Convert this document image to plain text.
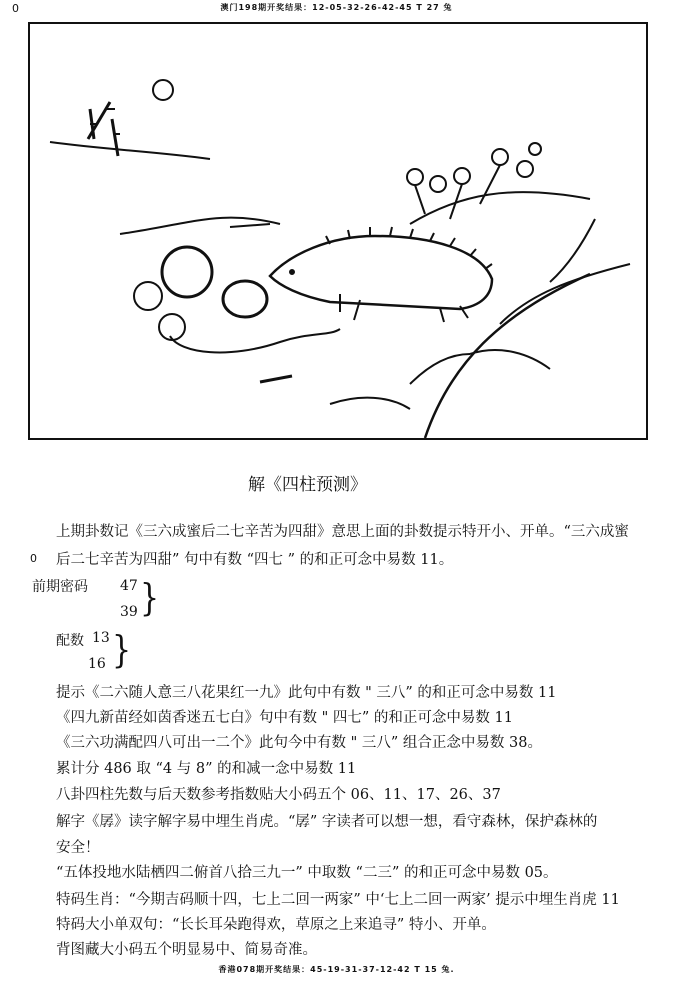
0	澳门198期开奖结果：12-05-32-26-42-45 T 27 兔
解《四柱预测》
上期卦数记《三六成蜜后二七辛苦为四甜》意思上面的卦数提示特开小、开单。“三六成蜜
0 后二七辛苦为四甜” 句中有数 “四七 ” 的和正可念中易数 11。
前期密码 47
39 }
配数 13
16 }
提示《二六随人意三八花果红一九》此句中有数 " 三八” 的和正可念中易数 11
《四九新苗经如茵香迷五七白》句中有数 " 四七” 的和正可念中易数 11
《三六功满配四八可出一二个》此句今中有数 " 三八” 组合正念中易数 38。
累计分 486 取 “4 与 8” 的和减一念中易数 11
八卦四柱先数与后天数参考指数贴大小码五个 06、11、17、26、37
解字《孱》读字解字易中埋生肖虎。“孱” 字读者可以想一想，看守森林，保护森林的
安全！
“五体投地水陆栖四二俯首八拾三九一” 中取数 “二三” 的和正可念中易数 05。
特码生肖：“今期吉码顺十四，七上二回一两家” 中‘七上二回一两家’ 提示中埋生肖虎 11
特码大小单双句：“长长耳朵跑得欢，草原之上来追寻” 特小、开单。
背图藏大小码五个明显易中、简易奇准。
香港078期开奖结果：45-19-31-37-12-42 T 15 兔.
